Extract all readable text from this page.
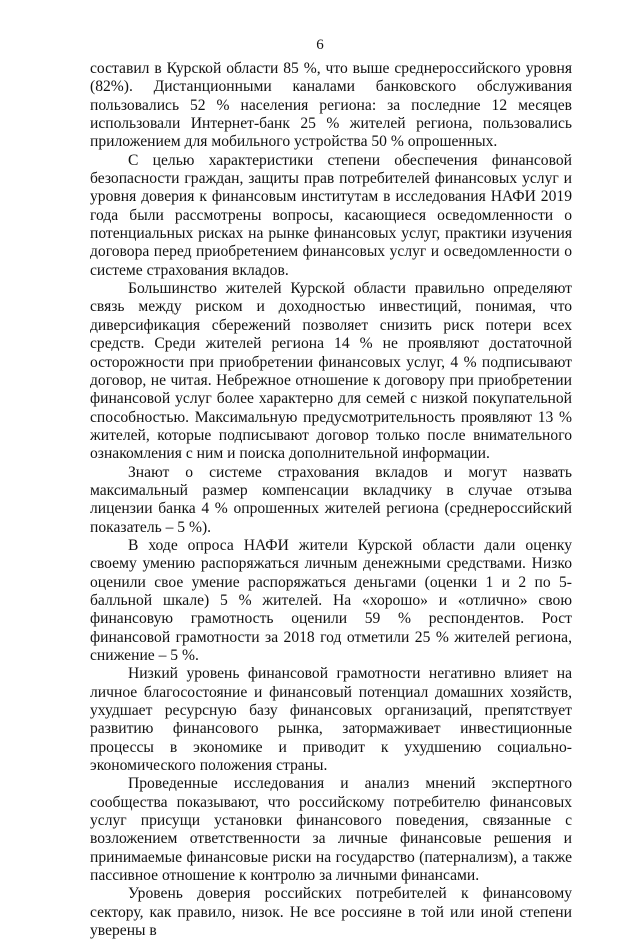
6

составил в Курской области 85 %, что выше среднероссийского уровня (82%). Дистанционными каналами банковского обслуживания пользовались 52 % населения региона: за последние 12 месяцев использовали Интернет-банк 25 % жителей региона, пользовались приложением для мобильного устройства 50 % опрошенных.

С целью характеристики степени обеспечения финансовой безопасности граждан, защиты прав потребителей финансовых услуг и уровня доверия к финансовым институтам в исследования НАФИ 2019 года были рассмотрены вопросы, касающиеся осведомленности о потенциальных рисках на рынке финансовых услуг, практики изучения договора перед приобретением финансовых услуг и осведомленности о системе страхования вкладов.

Большинство жителей Курской области правильно определяют связь между риском и доходностью инвестиций, понимая, что диверсификация сбережений позволяет снизить риск потери всех средств. Среди жителей региона 14 % не проявляют достаточной осторожности при приобретении финансовых услуг, 4 % подписывают договор, не читая. Небрежное отношение к договору при приобретении финансовой услуг более характерно для семей с низкой покупательной способностью. Максимальную предусмотрительность проявляют 13 % жителей, которые подписывают договор только после внимательного ознакомления с ним и поиска дополнительной информации.

Знают о системе страхования вкладов и могут назвать максимальный размер компенсации вкладчику в случае отзыва лицензии банка 4 % опрошенных жителей региона (среднероссийский показатель – 5 %).

В ходе опроса НАФИ жители Курской области дали оценку своему умению распоряжаться личным денежными средствами. Низко оценили свое умение распоряжаться деньгами (оценки 1 и 2 по 5-балльной шкале) 5 % жителей. На «хорошо» и «отлично» свою финансовую грамотность оценили 59 % респондентов. Рост финансовой грамотности за 2018 год отметили 25 % жителей региона, снижение – 5 %.

Низкий уровень финансовой грамотности негативно влияет на личное благосостояние и финансовый потенциал домашних хозяйств, ухудшает ресурсную базу финансовых организаций, препятствует развитию финансового рынка, затормаживает инвестиционные процессы в экономике и приводит к ухудшению социально-экономического положения страны.

Проведенные исследования и анализ мнений экспертного сообщества показывают, что российскому потребителю финансовых услуг присущи установки финансового поведения, связанные с возложением ответственности за личные финансовые решения и принимаемые финансовые риски на государство (патернализм), а также пассивное отношение к контролю за личными финансами.

Уровень доверия российских потребителей к финансовому сектору, как правило, низок. Не все россияне в той или иной степени уверены в
